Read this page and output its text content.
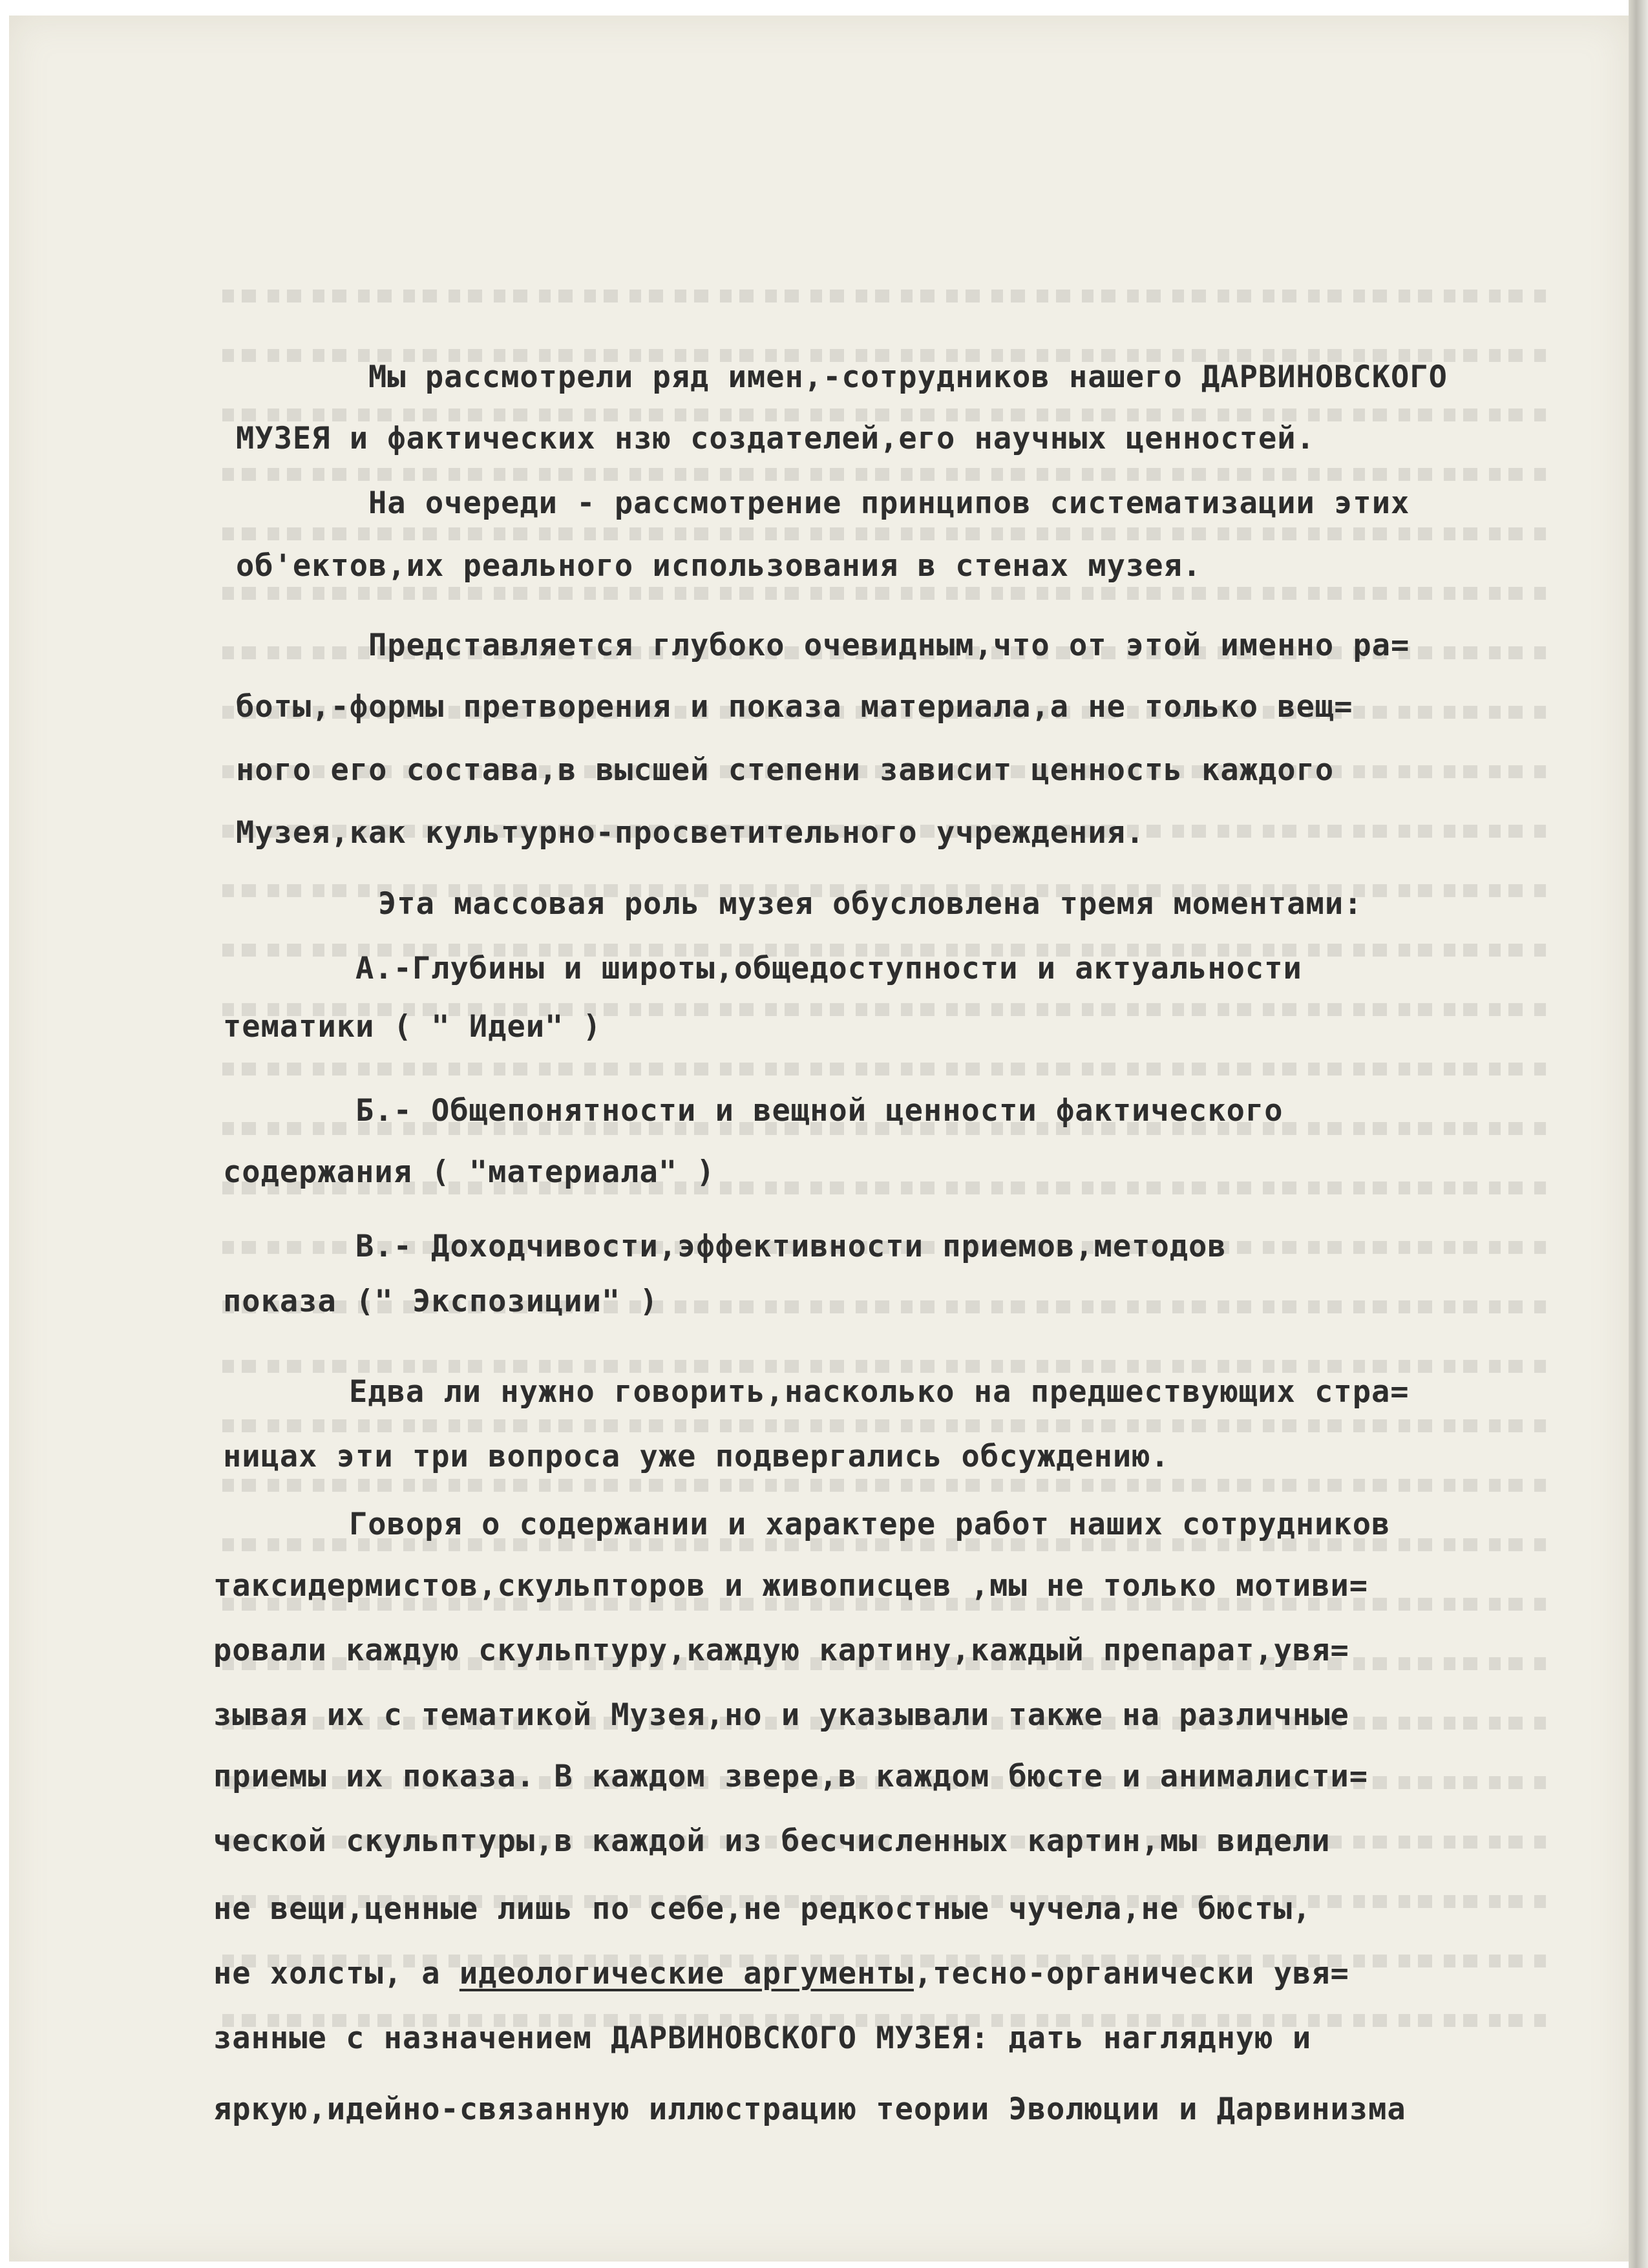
Мы рассмотрели ряд имен,-сотрудников нашего ДАРВИНОВСКОГО

МУЗЕЯ и фактических нзю создателей,его научных ценностей.

На очереди - рассмотрение принципов систематизации этих

об'ектов,их реального использования в стенах музея.

Представляется глубоко очевидным,что от этой именно ра=

боты,-формы претворения и показа материала,а не только вещ=

ного его состава,в высшей степени зависит ценность каждого

Музея,как культурно-просветительного учреждения.

Эта массовая роль музея обусловлена тремя моментами:

А.-Глубины и широты,общедоступности и актуальности

тематики ( " Идеи" )

Б.- Общепонятности и вещной ценности фактического

содержания ( "материала" )

В.- Доходчивости,эффективности приемов,методов

показа (" Экспозиции" )

Едва ли нужно говорить,насколько на предшествующих стра=

ницах эти три вопроса уже подвергались обсуждению.

Говоря о содержании и характере работ наших сотрудников

таксидермистов,скульпторов и живописцев ,мы не только мотиви=

ровали каждую скульптуру,каждую картину,каждый препарат,увя=

зывая их с тематикой Музея,но и указывали также на различные

приемы их показа. В каждом звере,в каждом бюсте и анималисти=

ческой скульптуры,в каждой из бесчисленных картин,мы видели

не вещи,ценные лишь по себе,не редкостные чучела,не бюсты,

не холсты, а идеологические аргументы,тесно-органически увя=

занные с назначением ДАРВИНОВСКОГО МУЗЕЯ: дать наглядную и

яркую,идейно-связанную иллюстрацию теории Эволюции и Дарвинизма
